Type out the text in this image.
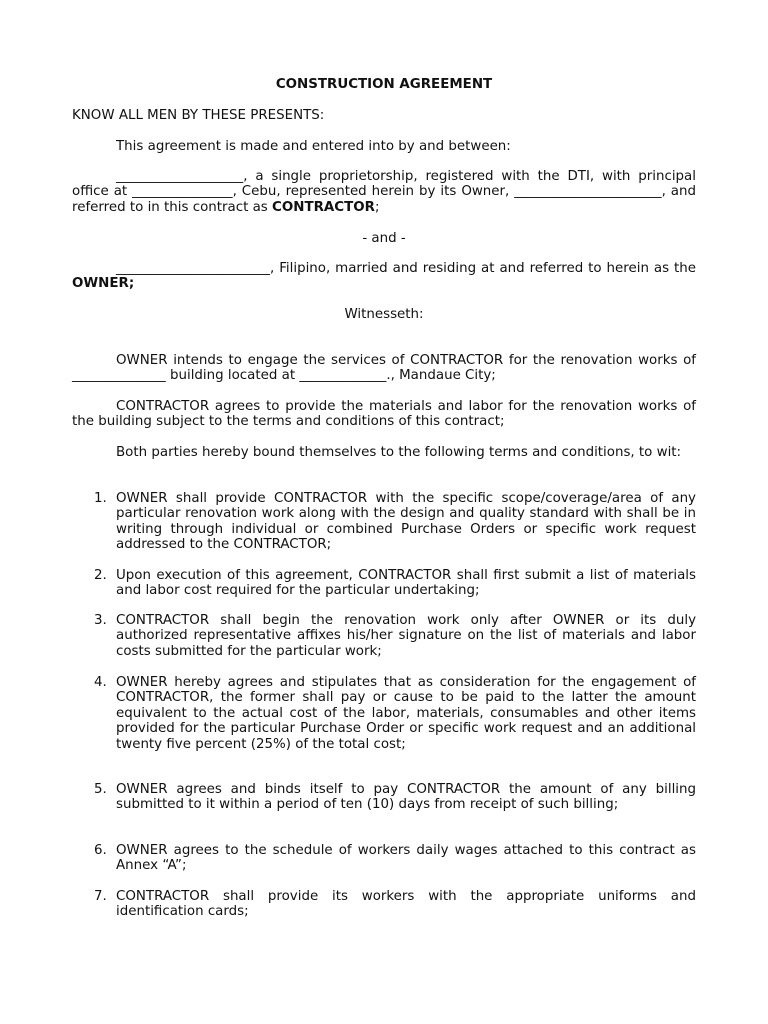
CONSTRUCTION AGREEMENT

KNOW ALL MEN BY THESE PRESENTS:

This agreement is made and entered into by and between:

___________________, a single proprietorship, registered with the DTI, with principal office at _______________, Cebu, represented herein by its Owner, ______________________, and referred to in this contract as CONTRACTOR;

- and -

_______________________, Filipino, married and residing at and referred to herein as the OWNER;

Witnesseth:

OWNER intends to engage the services of CONTRACTOR for the renovation works of ______________ building located at _____________., Mandaue City;

CONTRACTOR agrees to provide the materials and labor for the renovation works of the building subject to the terms and conditions of this contract;

Both parties hereby bound themselves to the following terms and conditions, to wit:

1. OWNER shall provide CONTRACTOR with the specific scope/coverage/area of any particular renovation work along with the design and quality standard with shall be in writing through individual or combined Purchase Orders or specific work request addressed to the CONTRACTOR;

2. Upon execution of this agreement, CONTRACTOR shall first submit a list of materials and labor cost required for the particular undertaking;

3. CONTRACTOR shall begin the renovation work only after OWNER or its duly authorized representative affixes his/her signature on the list of materials and labor costs submitted for the particular work;

4. OWNER hereby agrees and stipulates that as consideration for the engagement of CONTRACTOR, the former shall pay or cause to be paid to the latter the amount equivalent to the actual cost of the labor, materials, consumables and other items provided for the particular Purchase Order or specific work request and an additional twenty five percent (25%) of the total cost;

5. OWNER agrees and binds itself to pay CONTRACTOR the amount of any billing submitted to it within a period of ten (10) days from receipt of such billing;

6. OWNER agrees to the schedule of workers daily wages attached to this contract as Annex “A”;

7. CONTRACTOR shall provide its workers with the appropriate uniforms and identification cards;
